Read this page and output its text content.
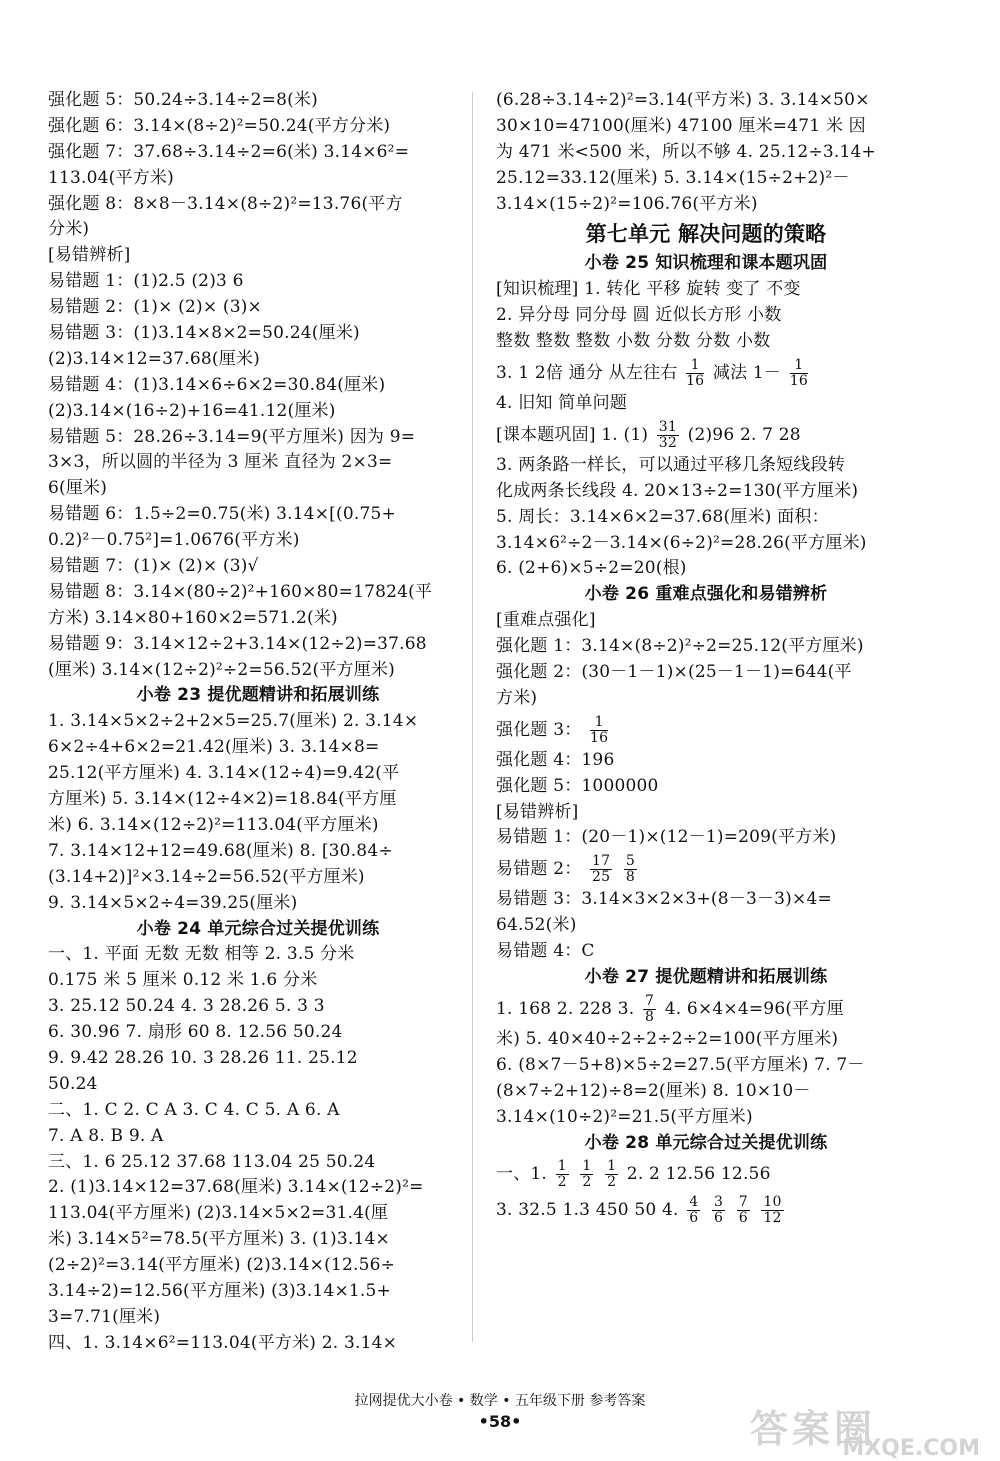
强化题 5：50.24÷3.14÷2=8(米)
强化题 6：3.14×(8÷2)²=50.24(平方分米)
强化题 7：37.68÷3.14÷2=6(米) 3.14×6²=
113.04(平方米)
强化题 8：8×8－3.14×(8÷2)²=13.76(平方
分米)
[易错辨析]
易错题 1：(1)2.5 (2)3 6
易错题 2：(1)× (2)× (3)×
易错题 3：(1)3.14×8×2=50.24(厘米)
(2)3.14×12=37.68(厘米)
易错题 4：(1)3.14×6÷6×2=30.84(厘米)
(2)3.14×(16÷2)+16=41.12(厘米)
易错题 5：28.26÷3.14=9(平方厘米) 因为 9=
3×3，所以圆的半径为 3 厘米 直径为 2×3=
6(厘米)
易错题 6：1.5÷2=0.75(米) 3.14×[(0.75+
0.2)²－0.75²]=1.0676(平方米)
易错题 7：(1)× (2)× (3)√
易错题 8：3.14×(80÷2)²+160×80=17824(平
方米) 3.14×80+160×2=571.2(米)
易错题 9：3.14×12÷2+3.14×(12÷2)=37.68
(厘米) 3.14×(12÷2)²÷2=56.52(平方厘米)
小卷 23 提优题精讲和拓展训练
1. 3.14×5×2÷2+2×5=25.7(厘米) 2. 3.14×
6×2÷4+6×2=21.42(厘米) 3. 3.14×8=
25.12(平方厘米) 4. 3.14×(12÷4)=9.42(平
方厘米) 5. 3.14×(12÷4×2)=18.84(平方厘
米) 6. 3.14×(12÷2)²=113.04(平方厘米)
7. 3.14×12+12=49.68(厘米) 8. [30.84÷
(3.14+2)]²×3.14÷2=56.52(平方厘米)
9. 3.14×5×2÷4=39.25(厘米)
小卷 24 单元综合过关提优训练
一、1. 平面 无数 无数 相等 2. 3.5 分米
0.175 米 5 厘米 0.12 米 1.6 分米
3. 25.12 50.24 4. 3 28.26 5. 3 3
6. 30.96 7. 扇形 60 8. 12.56 50.24
9. 9.42 28.26 10. 3 28.26 11. 25.12
50.24
二、1. C 2. C A 3. C 4. C 5. A 6. A
7. A 8. B 9. A
三、1. 6 25.12 37.68 113.04 25 50.24
2. (1)3.14×12=37.68(厘米) 3.14×(12÷2)²=
113.04(平方厘米) (2)3.14×5×2=31.4(厘
米) 3.14×5²=78.5(平方厘米) 3. (1)3.14×
(2÷2)²=3.14(平方厘米) (2)3.14×(12.56÷
3.14÷2)=12.56(平方厘米) (3)3.14×1.5+
3=7.71(厘米)
四、1. 3.14×6²=113.04(平方米) 2. 3.14×
(6.28÷3.14÷2)²=3.14(平方米) 3. 3.14×50×
30×10=47100(厘米) 47100 厘米=471 米 因
为 471 米<500 米，所以不够 4. 25.12÷3.14+
25.12=33.12(厘米) 5. 3.14×(15÷2+2)²－
3.14×(15÷2)²=106.76(平方米)
第七单元 解决问题的策略
小卷 25 知识梳理和课本题巩固
[知识梳理] 1. 转化 平移 旋转 变了 不变
2. 异分母 同分母 圆 近似长方形 小数
整数 整数 整数 小数 分数 分数 小数
3. 1 2倍 通分 从左往右 $\frac{1}{16}$ 减法 $1- \frac{1}{16}$
4. 旧知 简单问题
[课本题巩固] 1. $(1) \frac{31}{32} (2)96$ 2. 7 28
3. 两条路一样长，可以通过平移几条短线段转
化成两条长线段 4. 20×13÷2=130(平方厘米)
5. 周长：3.14×6×2=37.68(厘米) 面积：
3.14×6²÷2－3.14×(6÷2)²=28.26(平方厘米)
6. (2+6)×5÷2=20(根)
小卷 26 重难点强化和易错辨析
[重难点强化]
强化题 1：3.14×(8÷2)²÷2=25.12(平方厘米)
强化题 2：(30－1－1)×(25－1－1)=644(平
方米)
强化题 3： $\frac{1}{16}$
强化题 4：196
强化题 5：1000000
[易错辨析]
易错题 1：(20－1)×(12－1)=209(平方米)
易错题 2： $\frac{17}{25}$
$\frac{5}{8}$
易错题 3：3.14×3×2×3+(8－3－3)×4=
64.52(米)
易错题 4：C
小卷 27 提优题精讲和拓展训练
1. 168 2. 228 3. $\frac{7}{8} 4$. 6×4×4=96(平方厘
米) 5. 40×40÷2÷2÷2÷2=100(平方厘米)
6. (8×7－5+8)×5÷2=27.5(平方厘米) 7. 7－
(8×7÷2+12)÷8=2(厘米) 8. 10×10－
3.14×(10÷2)²=21.5(平方厘米)
小卷 28 单元综合过关提优训练
一、1. $\frac{1}{2}$
$\frac{1}{2}$
$\frac{1}{2} 2$. 2 12.56 12.56
3. 32.5 1.3 450 50 4. $\frac{4}{6}$
$\frac{3}{6}$
$\frac{7}{6}$
$\frac{10}{12}$
拉网提优大小卷 • 数学 • 五年级下册 参考答案
•58•	答案圈
MXQE.COM
